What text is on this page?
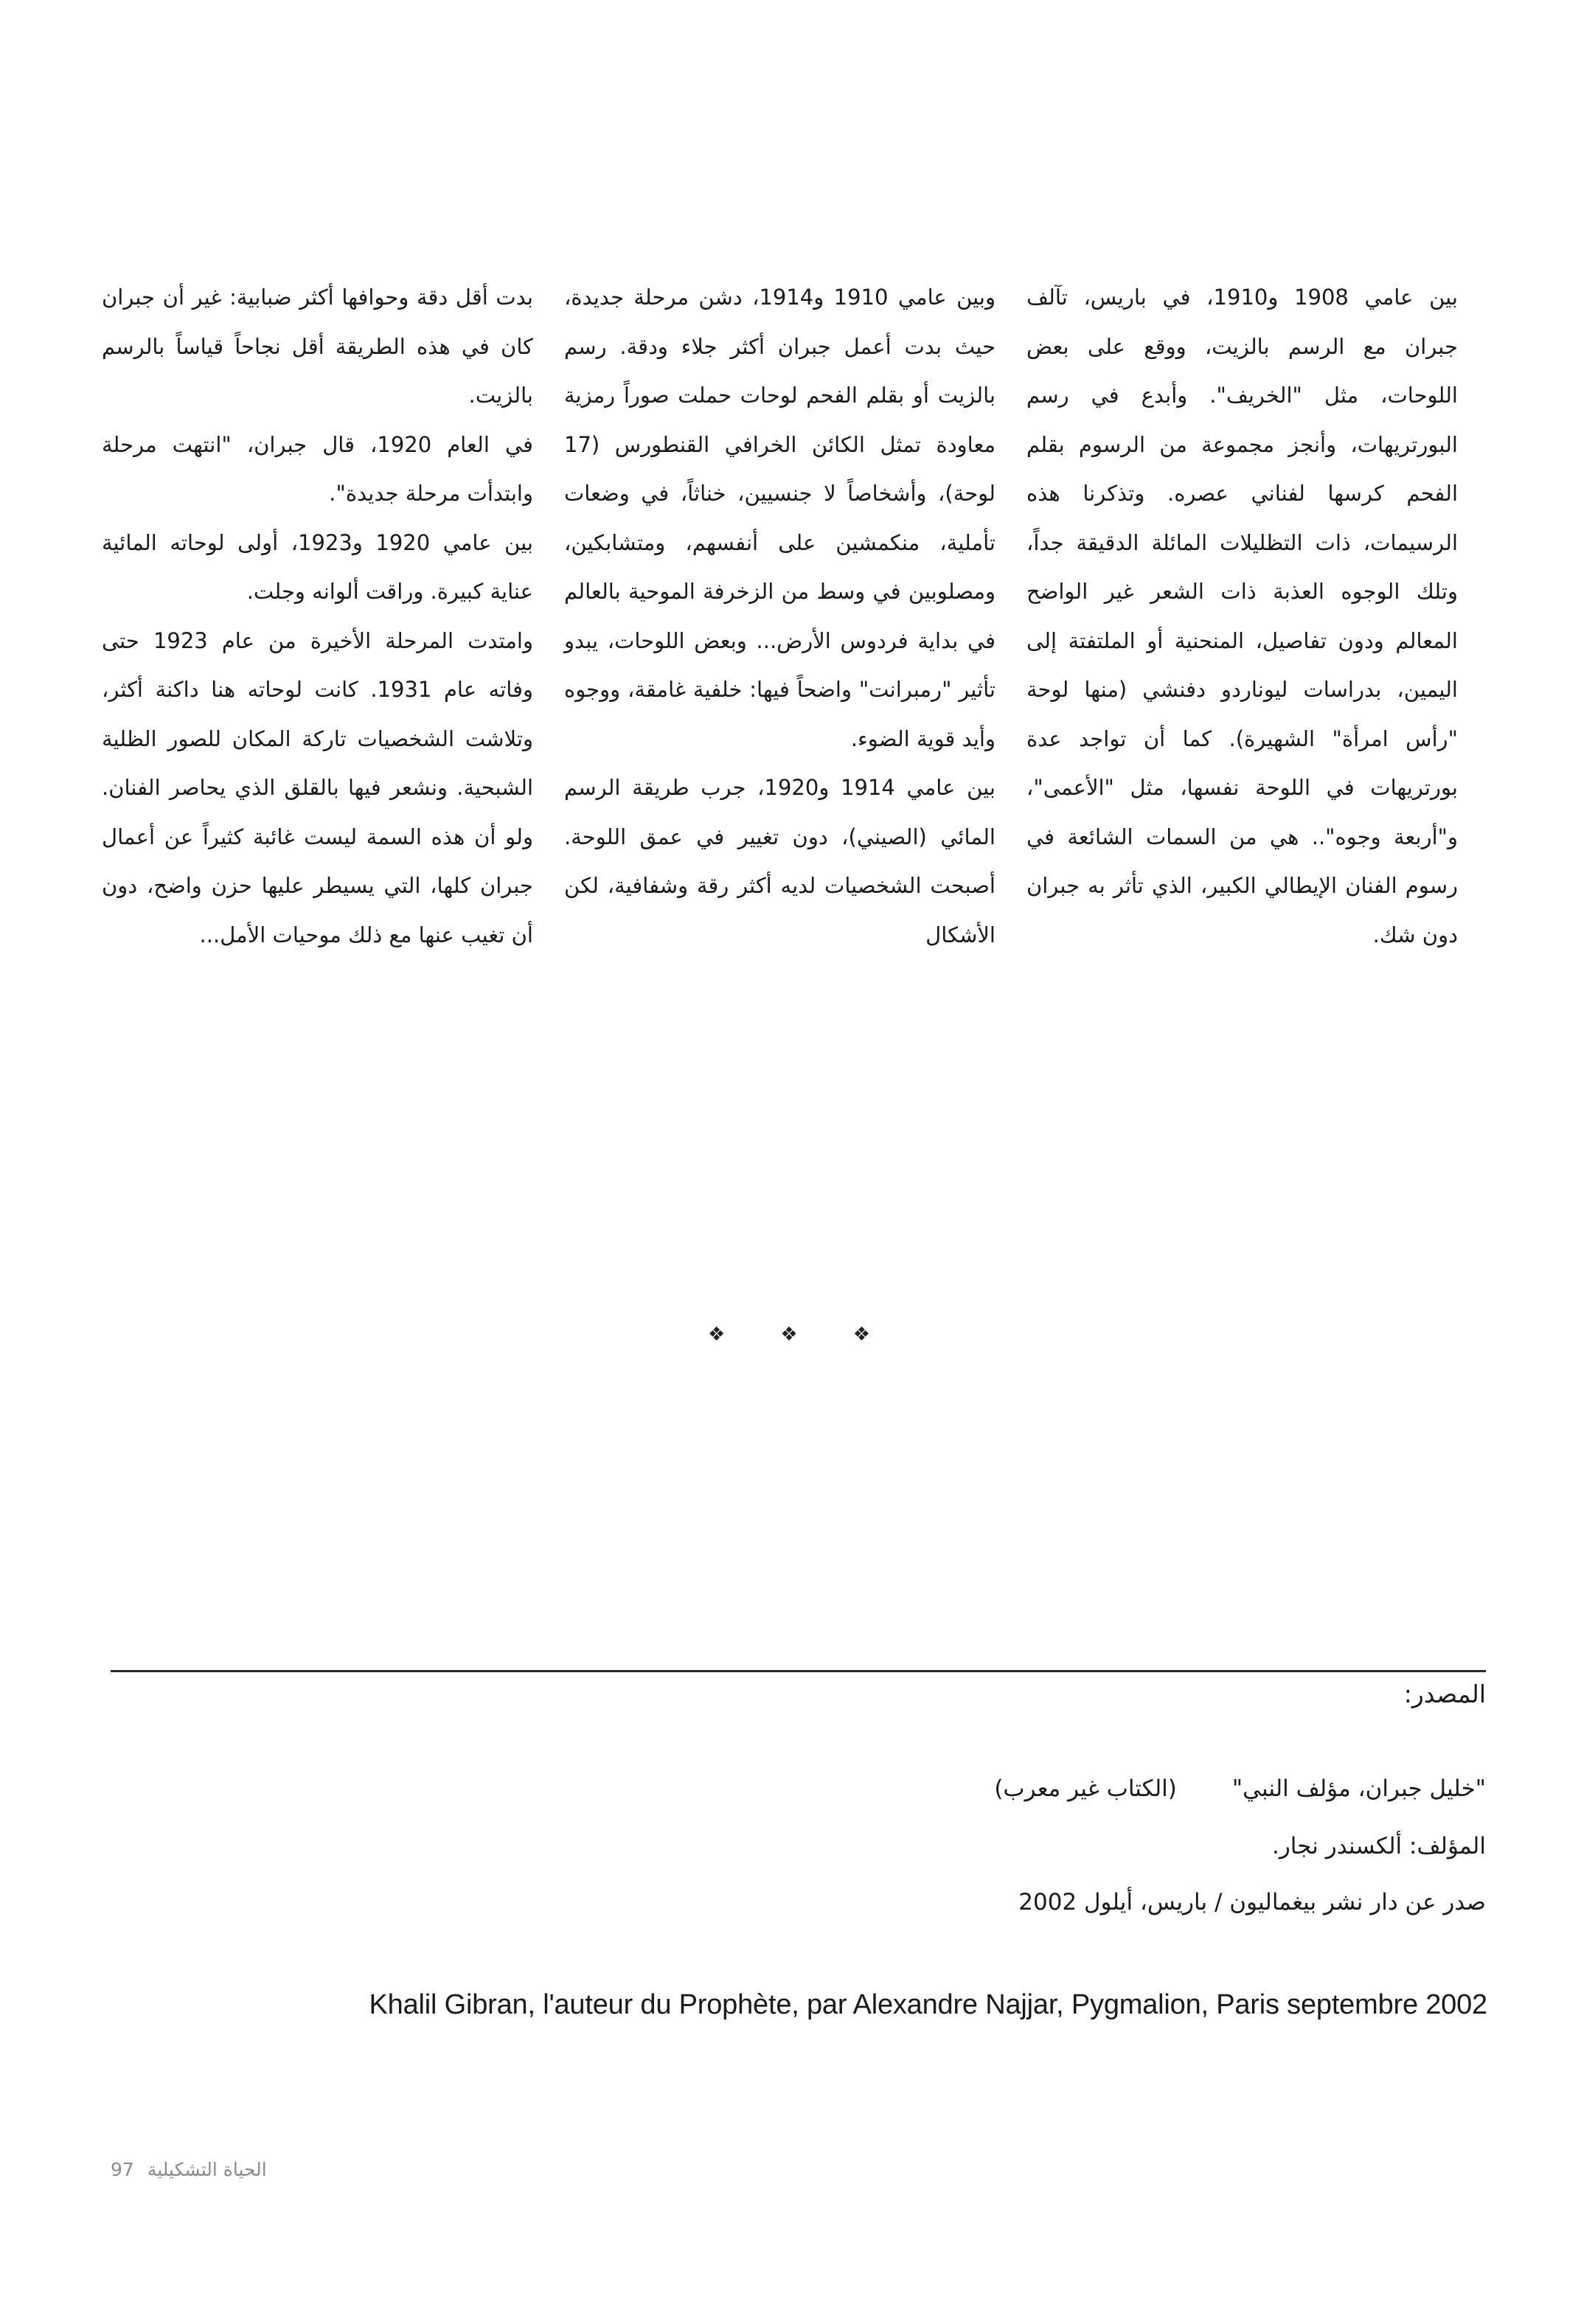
بين عامي 1908 و1910، في باريس، تآلف جبران مع الرسم بالزيت، ووقع على بعض اللوحات، مثل "الخريف". وأبدع في رسم البورتريهات، وأنجز مجموعة من الرسوم بقلم الفحم كرسها لفناني عصره. وتذكرنا هذه الرسيمات، ذات التظليلات المائلة الدقيقة جداً، وتلك الوجوه العذبة ذات الشعر غير الواضح المعالم ودون تفاصيل، المنحنية أو الملتفتة إلى اليمين، بدراسات ليوناردو دفنشي (منها لوحة "رأس امرأة" الشهيرة). كما أن تواجد عدة بورتريهات في اللوحة نفسها، مثل "الأعمى"، و"أربعة وجوه".. هي من السمات الشائعة في رسوم الفنان الإيطالي الكبير، الذي تأثر به جبران دون شك.

وبين عامي 1910 و1914، دشن مرحلة جديدة، حيث بدت أعمل جبران أكثر جلاء ودقة. رسم بالزيت أو بقلم الفحم لوحات حملت صوراً رمزية معاودة تمثل الكائن الخرافي القنطورس (17 لوحة)، وأشخاصاً لا جنسيين، خناثاً، في وضعات تأملية، منكمشين على أنفسهم، ومتشابكين، ومصلوبين في وسط من الزخرفة الموحية بالعالم في بداية فردوس الأرض... وبعض اللوحات، يبدو تأثير "رمبرانت" واضحاً فيها: خلفية غامقة، ووجوه وأيد قوية الضوء.

بين عامي 1914 و1920، جرب طريقة الرسم المائي (الصيني)، دون تغيير في عمق اللوحة. أصبحت الشخصيات لديه أكثر رقة وشفافية، لكن الأشكال

بدت أقل دقة وحوافها أكثر ضبابية: غير أن جبران كان في هذه الطريقة أقل نجاحاً قياساً بالرسم بالزيت.

في العام 1920، قال جبران، "انتهت مرحلة وابتدأت مرحلة جديدة".

بين عامي 1920 و1923، أولى لوحاته المائية عناية كبيرة. وراقت ألوانه وجلت.

وامتدت المرحلة الأخيرة من عام 1923 حتى وفاته عام 1931. كانت لوحاته هنا داكنة أكثر، وتلاشت الشخصيات تاركة المكان للصور الظلية الشبحية. ونشعر فيها بالقلق الذي يحاصر الفنان. ولو أن هذه السمة ليست غائبة كثيراً عن أعمال جبران كلها، التي يسيطر عليها حزن واضح، دون أن تغيب عنها مع ذلك موحيات الأمل...

❖	❖	❖

المصدر:

"خليل جبران، مؤلف النبي"(الكتاب غير معرب)

المؤلف: ألكسندر نجار.

صدر عن دار نشر بيغماليون / باريس، أيلول 2002

Khalil Gibran, l'auteur du Prophète, par Alexandre Najjar, Pygmalion, Paris septembre 2002

97 الحياة التشكيلية
